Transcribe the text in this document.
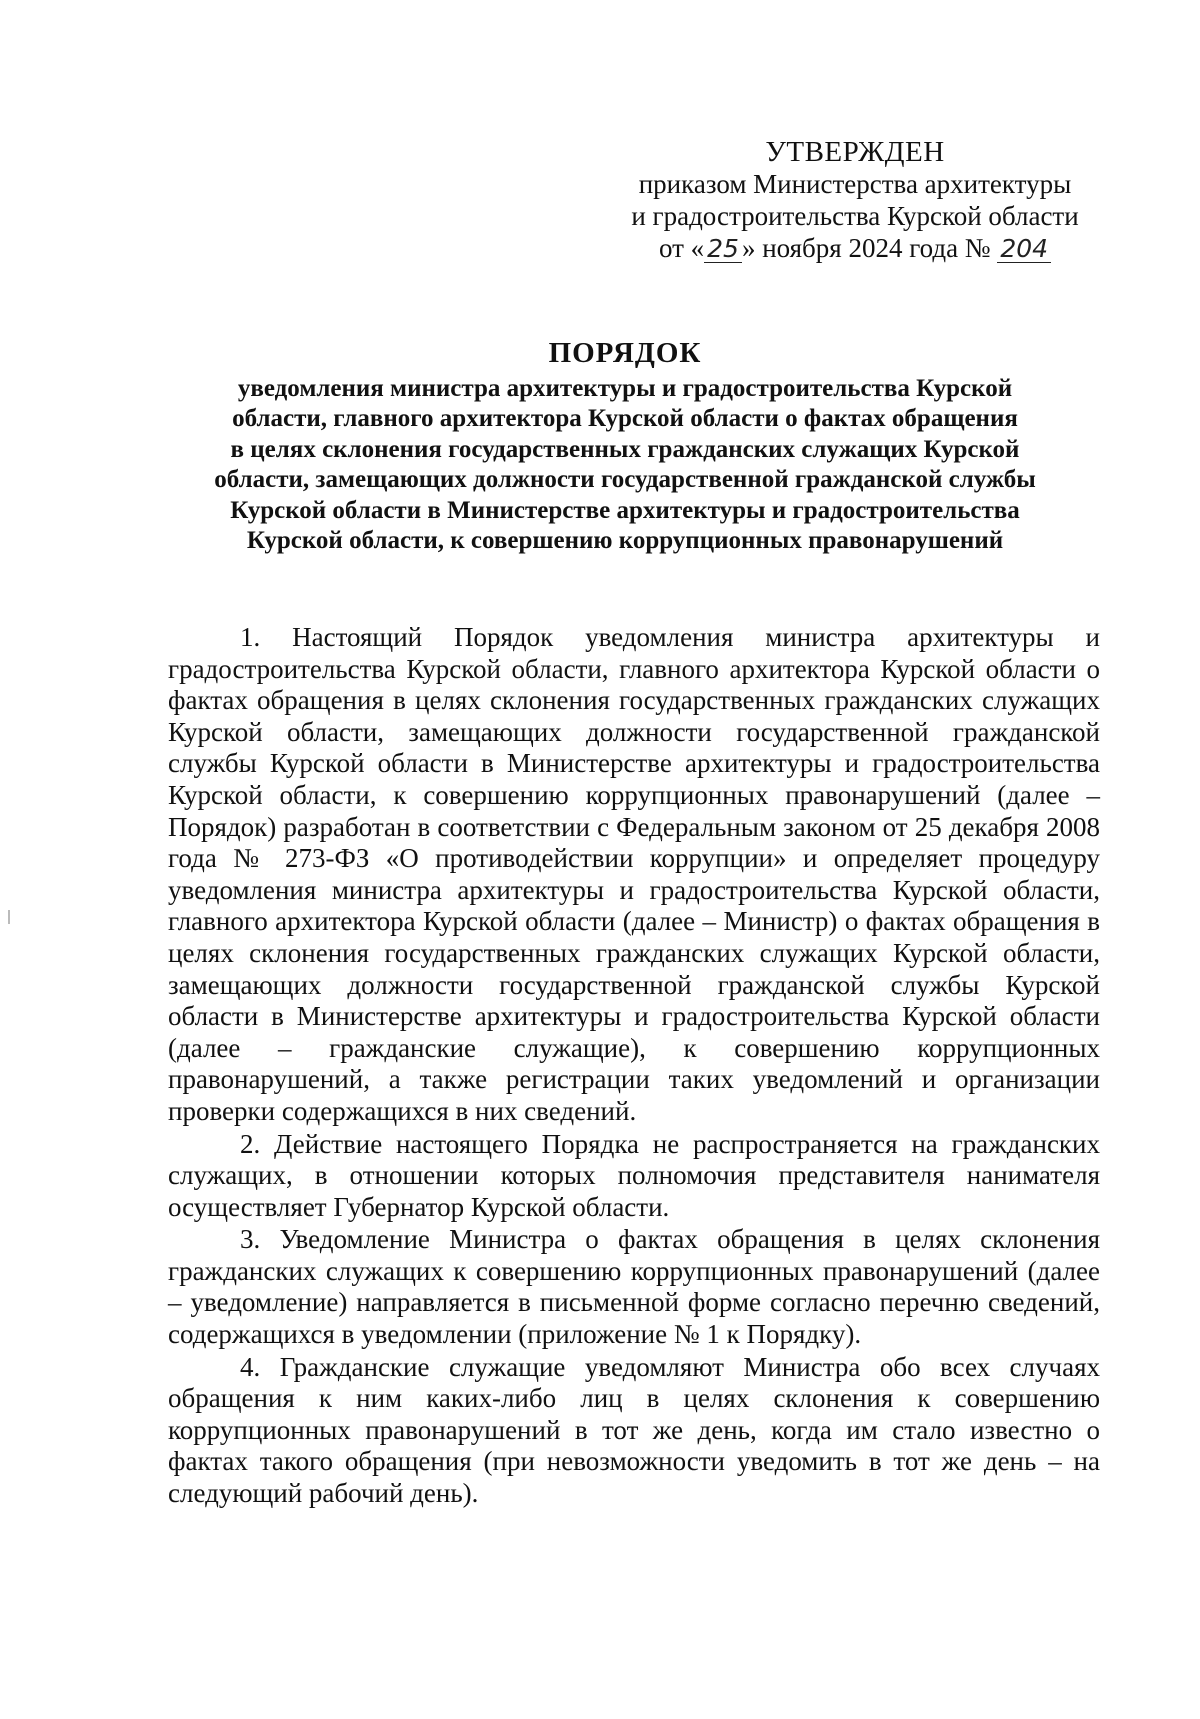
УТВЕРЖДЕН
приказом Министерства архитектуры
и градостроительства Курской области
от « 25 » ноября 2024 года № 204
ПОРЯДОК
уведомления министра архитектуры и градостроительства Курской
области, главного архитектора Курской области о фактах обращения
в целях склонения государственных гражданских служащих Курской
области, замещающих должности государственной гражданской службы
Курской области в Министерстве архитектуры и градостроительства
Курской области, к совершению коррупционных правонарушений

1. Настоящий Порядок уведомления министра архитектуры и градостроительства Курской области, главного архитектора Курской области о фактах обращения в целях склонения государственных гражданских служащих Курской области, замещающих должности государственной гражданской службы Курской области в Министерстве архитектуры и градостроительства Курской области, к совершению коррупционных правонарушений (далее – Порядок) разработан в соответствии с Федеральным законом от 25 декабря 2008 года № 273-ФЗ «О противодействии коррупции» и определяет процедуру уведомления министра архитектуры и градостроительства Курской области, главного архитектора Курской области (далее – Министр) о фактах обращения в целях склонения государственных гражданских служащих Курской области, замещающих должности государственной гражданской службы Курской области в Министерстве архитектуры и градостроительства Курской области (далее – гражданские служащие), к совершению коррупционных правонарушений, а также регистрации таких уведомлений и организации проверки содержащихся в них сведений.

2. Действие настоящего Порядка не распространяется на гражданских служащих, в отношении которых полномочия представителя нанимателя осуществляет Губернатор Курской области.

3. Уведомление Министра о фактах обращения в целях склонения гражданских служащих к совершению коррупционных правонарушений (далее – уведомление) направляется в письменной форме согласно перечню сведений, содержащихся в уведомлении (приложение № 1 к Порядку).

4. Гражданские служащие уведомляют Министра обо всех случаях обращения к ним каких-либо лиц в целях склонения к совершению коррупционных правонарушений в тот же день, когда им стало известно о фактах такого обращения (при невозможности уведомить в тот же день – на следующий рабочий день).
